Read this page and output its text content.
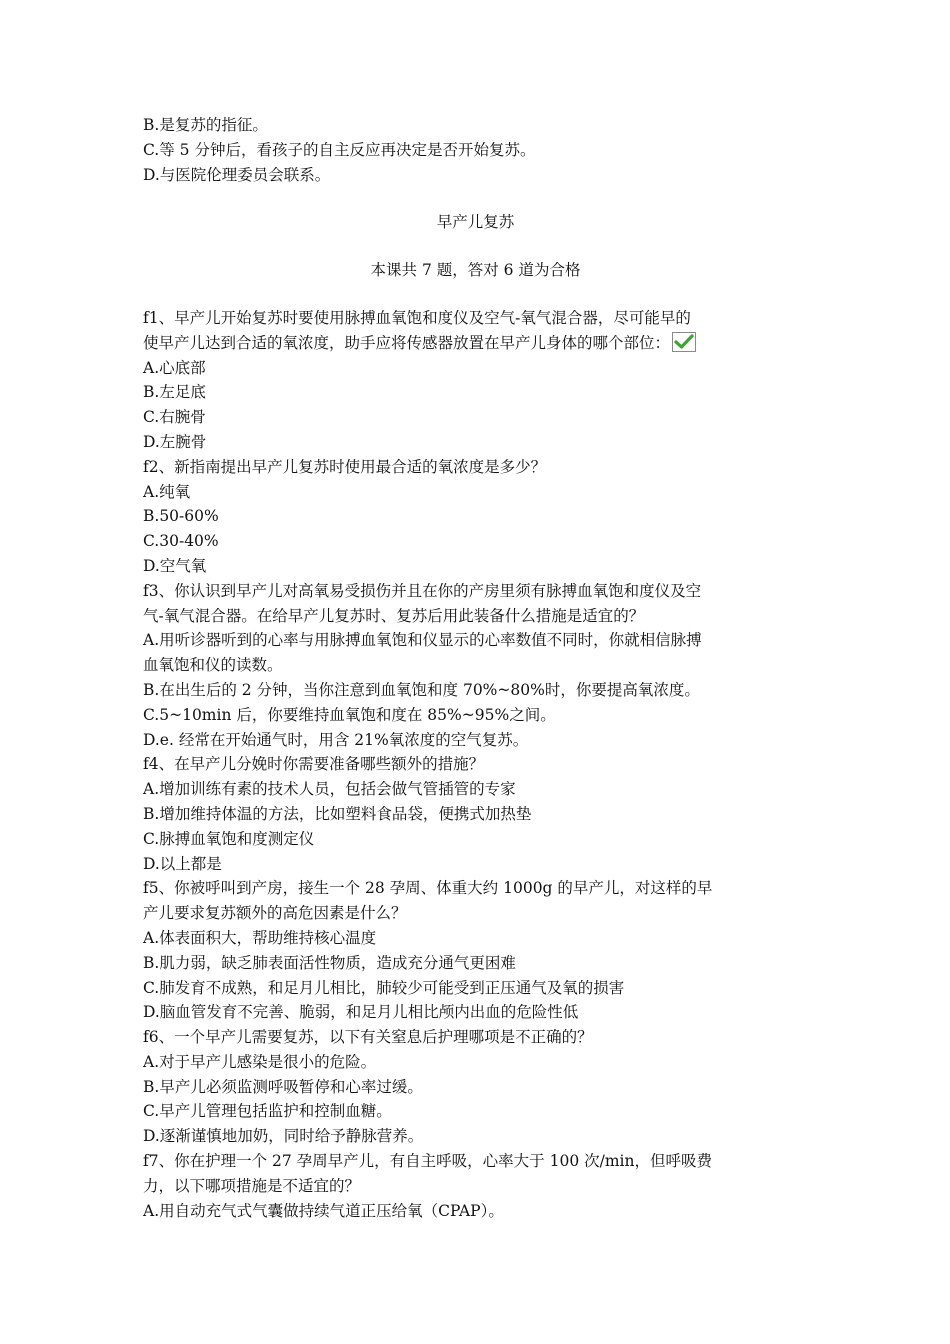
B.是复苏的指征。
C.等 5 分钟后，看孩子的自主反应再决定是否开始复苏。
D.与医院伦理委员会联系。
早产儿复苏
本课共 7 题，答对 6 道为合格
f1、早产儿开始复苏时要使用脉搏血氧饱和度仪及空气-氧气混合器，尽可能早的
使早产儿达到合适的氧浓度，助手应将传感器放置在早产儿身体的哪个部位：
A.心底部
B.左足底
C.右腕骨
D.左腕骨
f2、新指南提出早产儿复苏时使用最合适的氧浓度是多少？
A.纯氧
B.50-60%
C.30-40%
D.空气氧
f3、你认识到早产儿对高氧易受损伤并且在你的产房里须有脉搏血氧饱和度仪及空
气-氧气混合器。在给早产儿复苏时、复苏后用此装备什么措施是适宜的？
A.用听诊器听到的心率与用脉搏血氧饱和仪显示的心率数值不同时，你就相信脉搏
血氧饱和仪的读数。
B.在出生后的 2 分钟，当你注意到血氧饱和度 70%~80%时，你要提高氧浓度。
C.5~10min 后，你要维持血氧饱和度在 85%~95%之间。
D.e. 经常在开始通气时，用含 21%氧浓度的空气复苏。
f4、在早产儿分娩时你需要准备哪些额外的措施？
A.增加训练有素的技术人员，包括会做气管插管的专家
B.增加维持体温的方法，比如塑料食品袋，便携式加热垫
C.脉搏血氧饱和度测定仪
D.以上都是
f5、你被呼叫到产房，接生一个 28 孕周、体重大约 1000g 的早产儿，对这样的早
产儿要求复苏额外的高危因素是什么？
A.体表面积大，帮助维持核心温度
B.肌力弱，缺乏肺表面活性物质，造成充分通气更困难
C.肺发育不成熟，和足月儿相比，肺较少可能受到正压通气及氧的损害
D.脑血管发育不完善、脆弱，和足月儿相比颅内出血的危险性低
f6、一个早产儿需要复苏，以下有关窒息后护理哪项是不正确的？
A.对于早产儿感染是很小的危险。
B.早产儿必须监测呼吸暂停和心率过缓。
C.早产儿管理包括监护和控制血糖。
D.逐渐谨慎地加奶，同时给予静脉营养。
f7、你在护理一个 27 孕周早产儿，有自主呼吸，心率大于 100 次/min，但呼吸费
力，以下哪项措施是不适宜的？
A.用自动充气式气囊做持续气道正压给氧（CPAP）。
